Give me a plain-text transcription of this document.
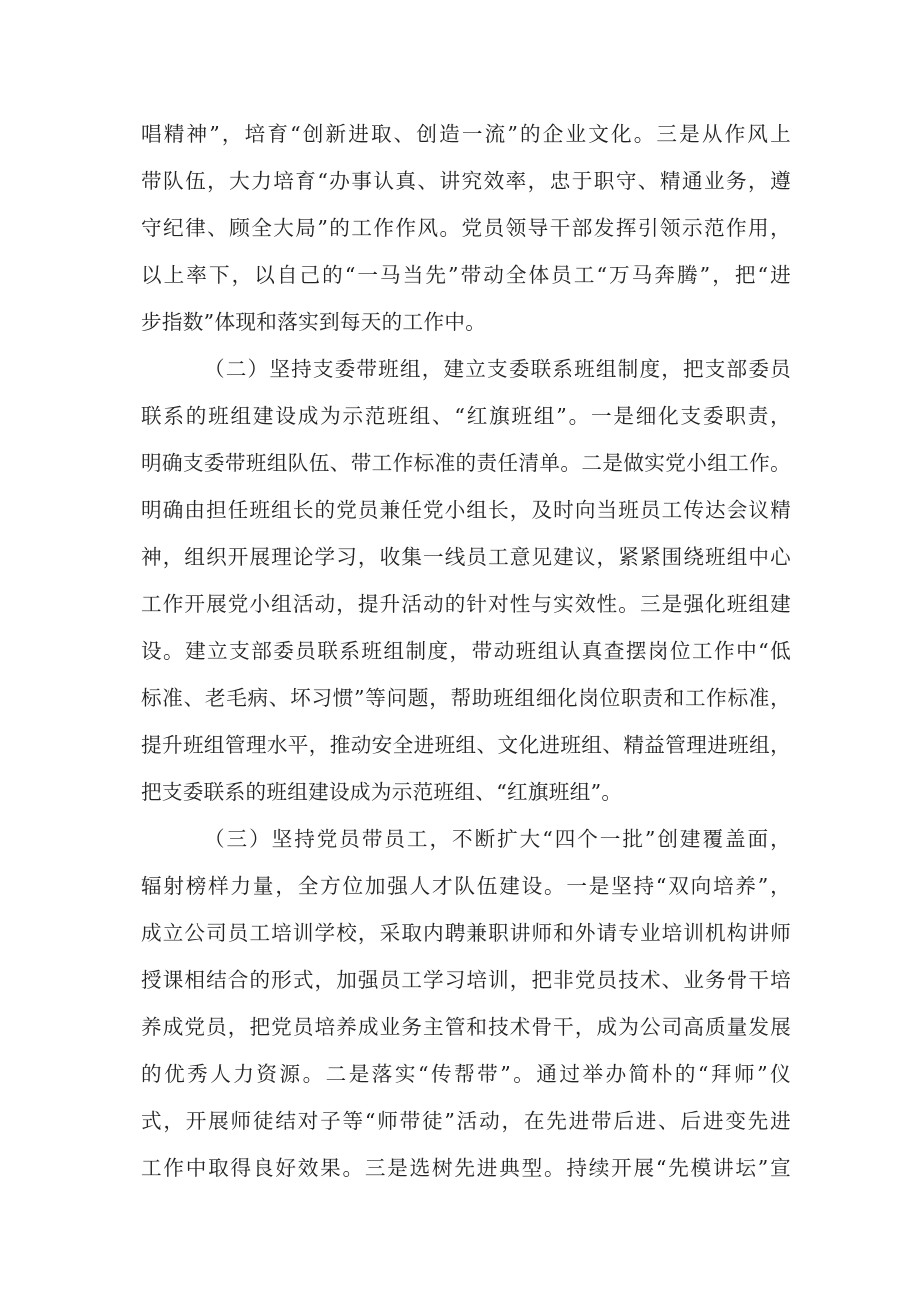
唱精神”，培育“创新进取、创造一流”的企业文化。三是从作风上
带队伍，大力培育“办事认真、讲究效率，忠于职守、精通业务，遵
守纪律、顾全大局”的工作作风。党员领导干部发挥引领示范作用，
以上率下，以自己的“一马当先”带动全体员工“万马奔腾”，把“进
步指数”体现和落实到每天的工作中。
（二）坚持支委带班组，建立支委联系班组制度，把支部委员
联系的班组建设成为示范班组、“红旗班组”。一是细化支委职责，
明确支委带班组队伍、带工作标准的责任清单。二是做实党小组工作。
明确由担任班组长的党员兼任党小组长，及时向当班员工传达会议精
神，组织开展理论学习，收集一线员工意见建议，紧紧围绕班组中心
工作开展党小组活动，提升活动的针对性与实效性。三是强化班组建
设。建立支部委员联系班组制度，带动班组认真查摆岗位工作中“低
标准、老毛病、坏习惯”等问题，帮助班组细化岗位职责和工作标准，
提升班组管理水平，推动安全进班组、文化进班组、精益管理进班组，
把支委联系的班组建设成为示范班组、“红旗班组”。
（三）坚持党员带员工，不断扩大“四个一批”创建覆盖面，
辐射榜样力量，全方位加强人才队伍建设。一是坚持“双向培养”，
成立公司员工培训学校，采取内聘兼职讲师和外请专业培训机构讲师
授课相结合的形式，加强员工学习培训，把非党员技术、业务骨干培
养成党员，把党员培养成业务主管和技术骨干，成为公司高质量发展
的优秀人力资源。二是落实“传帮带”。通过举办简朴的“拜师”仪
式，开展师徒结对子等“师带徒”活动，在先进带后进、后进变先进
工作中取得良好效果。三是选树先进典型。持续开展“先模讲坛”宣
